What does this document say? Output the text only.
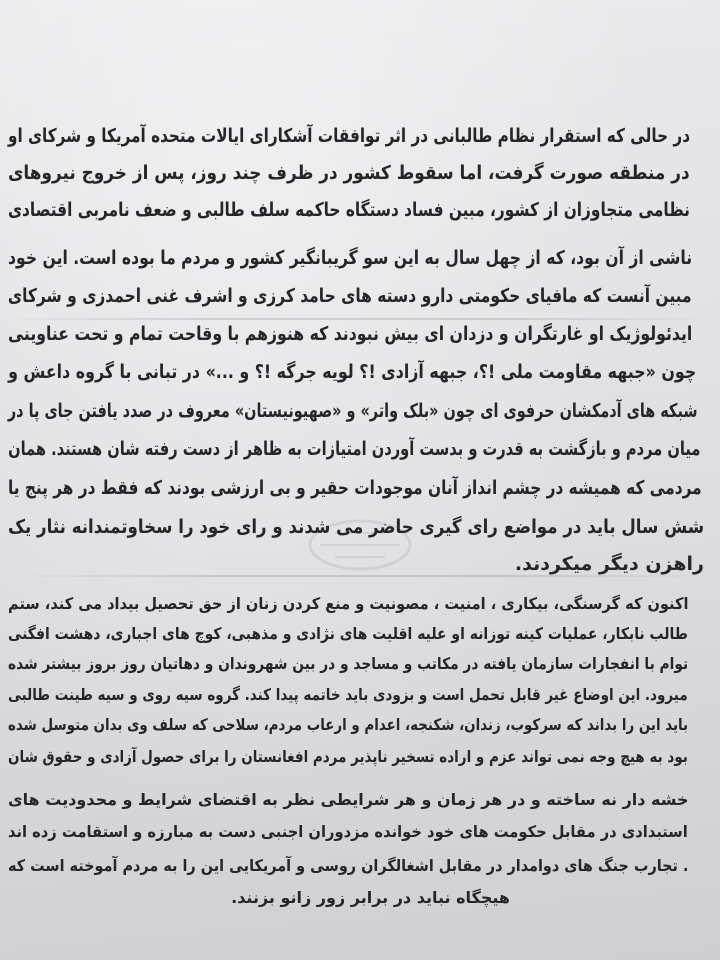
در حالی که استقرار نظام طالبانی در اثر توافقات آشکارای ایالات متحده آمریکا و شرکای او
در منطقه صورت گرفت، اما سقوط کشور در ظرف چند روز، پس از خروج نیروهای
نظامی متجاوزان از کشور، مبین فساد دستگاه حاکمه سلف طالبی و ضعف نامربی اقتصادی
ناشی از آن بود، که از چهل سال به این سو گریبانگیر کشور و مردم ما بوده است. این خود
مبین آنست که مافیای حکومتی دارو دسته های حامد کرزی و اشرف غنی احمدزی و شرکای
ایدئولوژیک او غارتگران و دزدان ای بیش نبودند که هنوزهم با وقاحت تمام و تحت عناوینی
چون «جبهه مقاومت ملی !؟، جبهه آزادی !؟ لویه جرگه !؟ و ...» در تبانی با گروه داعش و
شبکه های آدمکشان حرفوی ای چون «بلک واتر» و «صهیونیستان» معروف در صدد یافتن جای پا در
میان مردم و بازگشت به قدرت و بدست آوردن امتیازات به ظاهر از دست رفته شان هستند. همان
مردمی که همیشه در چشم انداز آنان موجودات حقیر و بی ارزشی بودند که فقط در هر پنج یا
شش سال باید در مواضع رای گیری حاضر می شدند و رای خود را سخاوتمندانه نثار یک
راهزن دیگر میکردند.
اکنون که گرسنگی، بیکاری ، امنیت ، مصونیت و منع کردن زنان از حق تحصیل بیداد می کند، ستم
طالب نابکار، عملیات کینه توزانه او علیه اقلیت های نژادی و مذهبی، کوچ های اجباری، دهشت افگنی
توام با انفجارات سازمان یافته در مکاتب و مساجد و در بین شهروندان و دهاتیان روز بروز بیشتر شده
میرود. این اوضاع غیر قابل تحمل است و بزودی باید خاتمه پیدا کند. گروه سیه روی و سیه طینت طالبی
باید این را بداند که سرکوب، زندان، شکنجه، اعدام و ارعاب مردم، سلاحی که سلف وی بدان متوسل شده
بود به هیچ وجه نمی تواند عزم و اراده تسخیر ناپذیر مردم افغانستان را برای حصول آزادی و حقوق شان
خشه دار نه ساخته و در هر زمان و هر شرایطی نظر به اقتضای شرایط و محدودیت های
استبدادی در مقابل حکومت های خود خوانده مزدوران اجنبی دست به مبارزه و استقامت زده اند
. تجارب جنگ های دوامدار در مقابل اشغالگران روسی و آمریکایی این را به مردم آموخته است که
هیچگاه نباید در برابر زور زانو بزنند.
